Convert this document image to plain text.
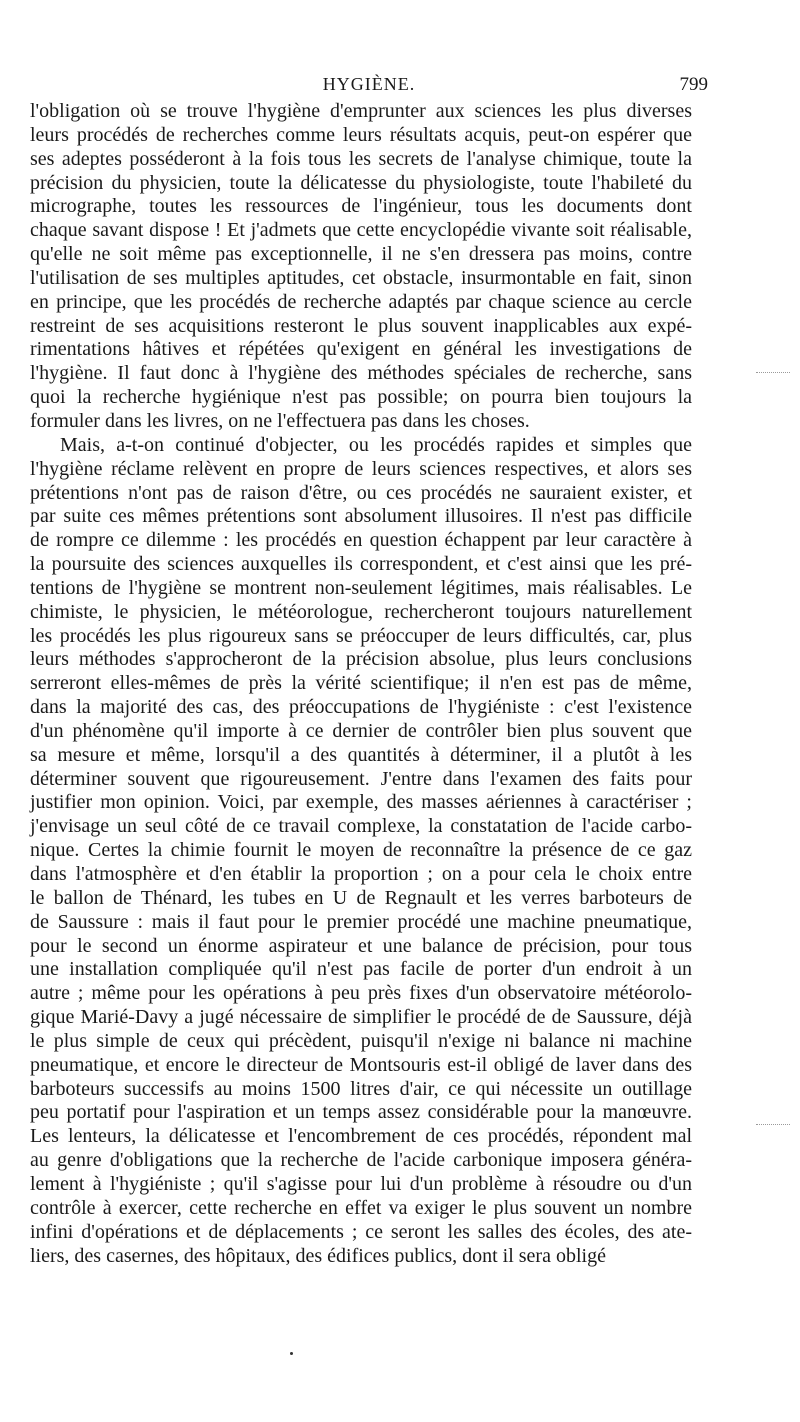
HYGIÈNE.	799

l'obligation où se trouve l'hygiène d'emprunter aux sciences les plus diverses

leurs procédés de recherches comme leurs résultats acquis, peut-on espérer que

ses adeptes posséderont à la fois tous les secrets de l'analyse chimique, toute la

précision du physicien, toute la délicatesse du physiologiste, toute l'habileté du

micrographe, toutes les ressources de l'ingénieur, tous les documents dont

chaque savant dispose ! Et j'admets que cette encyclopédie vivante soit réalisable,

qu'elle ne soit même pas exceptionnelle, il ne s'en dressera pas moins, contre

l'utilisation de ses multiples aptitudes, cet obstacle, insurmontable en fait, sinon

en principe, que les procédés de recherche adaptés par chaque science au cercle

restreint de ses acquisitions resteront le plus souvent inapplicables aux expé-

rimentations hâtives et répétées qu'exigent en général les investigations de

l'hygiène. Il faut donc à l'hygiène des méthodes spéciales de recherche, sans

quoi la recherche hygiénique n'est pas possible; on pourra bien toujours la

formuler dans les livres, on ne l'effectuera pas dans les choses.

Mais, a-t-on continué d'objecter, ou les procédés rapides et simples que

l'hygiène réclame relèvent en propre de leurs sciences respectives, et alors ses

prétentions n'ont pas de raison d'être, ou ces procédés ne sauraient exister, et

par suite ces mêmes prétentions sont absolument illusoires. Il n'est pas difficile

de rompre ce dilemme : les procédés en question échappent par leur caractère à

la poursuite des sciences auxquelles ils correspondent, et c'est ainsi que les pré-

tentions de l'hygiène se montrent non-seulement légitimes, mais réalisables. Le

chimiste, le physicien, le météorologue, rechercheront toujours naturellement

les procédés les plus rigoureux sans se préoccuper de leurs difficultés, car, plus

leurs méthodes s'approcheront de la précision absolue, plus leurs conclusions

serreront elles-mêmes de près la vérité scientifique; il n'en est pas de même,

dans la majorité des cas, des préoccupations de l'hygiéniste : c'est l'existence

d'un phénomène qu'il importe à ce dernier de contrôler bien plus souvent que

sa mesure et même, lorsqu'il a des quantités à déterminer, il a plutôt à les

déterminer souvent que rigoureusement. J'entre dans l'examen des faits pour

justifier mon opinion. Voici, par exemple, des masses aériennes à caractériser ;

j'envisage un seul côté de ce travail complexe, la constatation de l'acide carbo-

nique. Certes la chimie fournit le moyen de reconnaître la présence de ce gaz

dans l'atmosphère et d'en établir la proportion ; on a pour cela le choix entre

le ballon de Thénard, les tubes en U de Regnault et les verres barboteurs de

de Saussure : mais il faut pour le premier procédé une machine pneumatique,

pour le second un énorme aspirateur et une balance de précision, pour tous

une installation compliquée qu'il n'est pas facile de porter d'un endroit à un

autre ; même pour les opérations à peu près fixes d'un observatoire météorolo-

gique Marié-Davy a jugé nécessaire de simplifier le procédé de de Saussure, déjà

le plus simple de ceux qui précèdent, puisqu'il n'exige ni balance ni machine

pneumatique, et encore le directeur de Montsouris est-il obligé de laver dans des

barboteurs successifs au moins 1500 litres d'air, ce qui nécessite un outillage

peu portatif pour l'aspiration et un temps assez considérable pour la manœuvre.

Les lenteurs, la délicatesse et l'encombrement de ces procédés, répondent mal

au genre d'obligations que la recherche de l'acide carbonique imposera généra-

lement à l'hygiéniste ; qu'il s'agisse pour lui d'un problème à résoudre ou d'un

contrôle à exercer, cette recherche en effet va exiger le plus souvent un nombre

infini d'opérations et de déplacements ; ce seront les salles des écoles, des ate-

liers, des casernes, des hôpitaux, des édifices publics, dont il sera obligé
